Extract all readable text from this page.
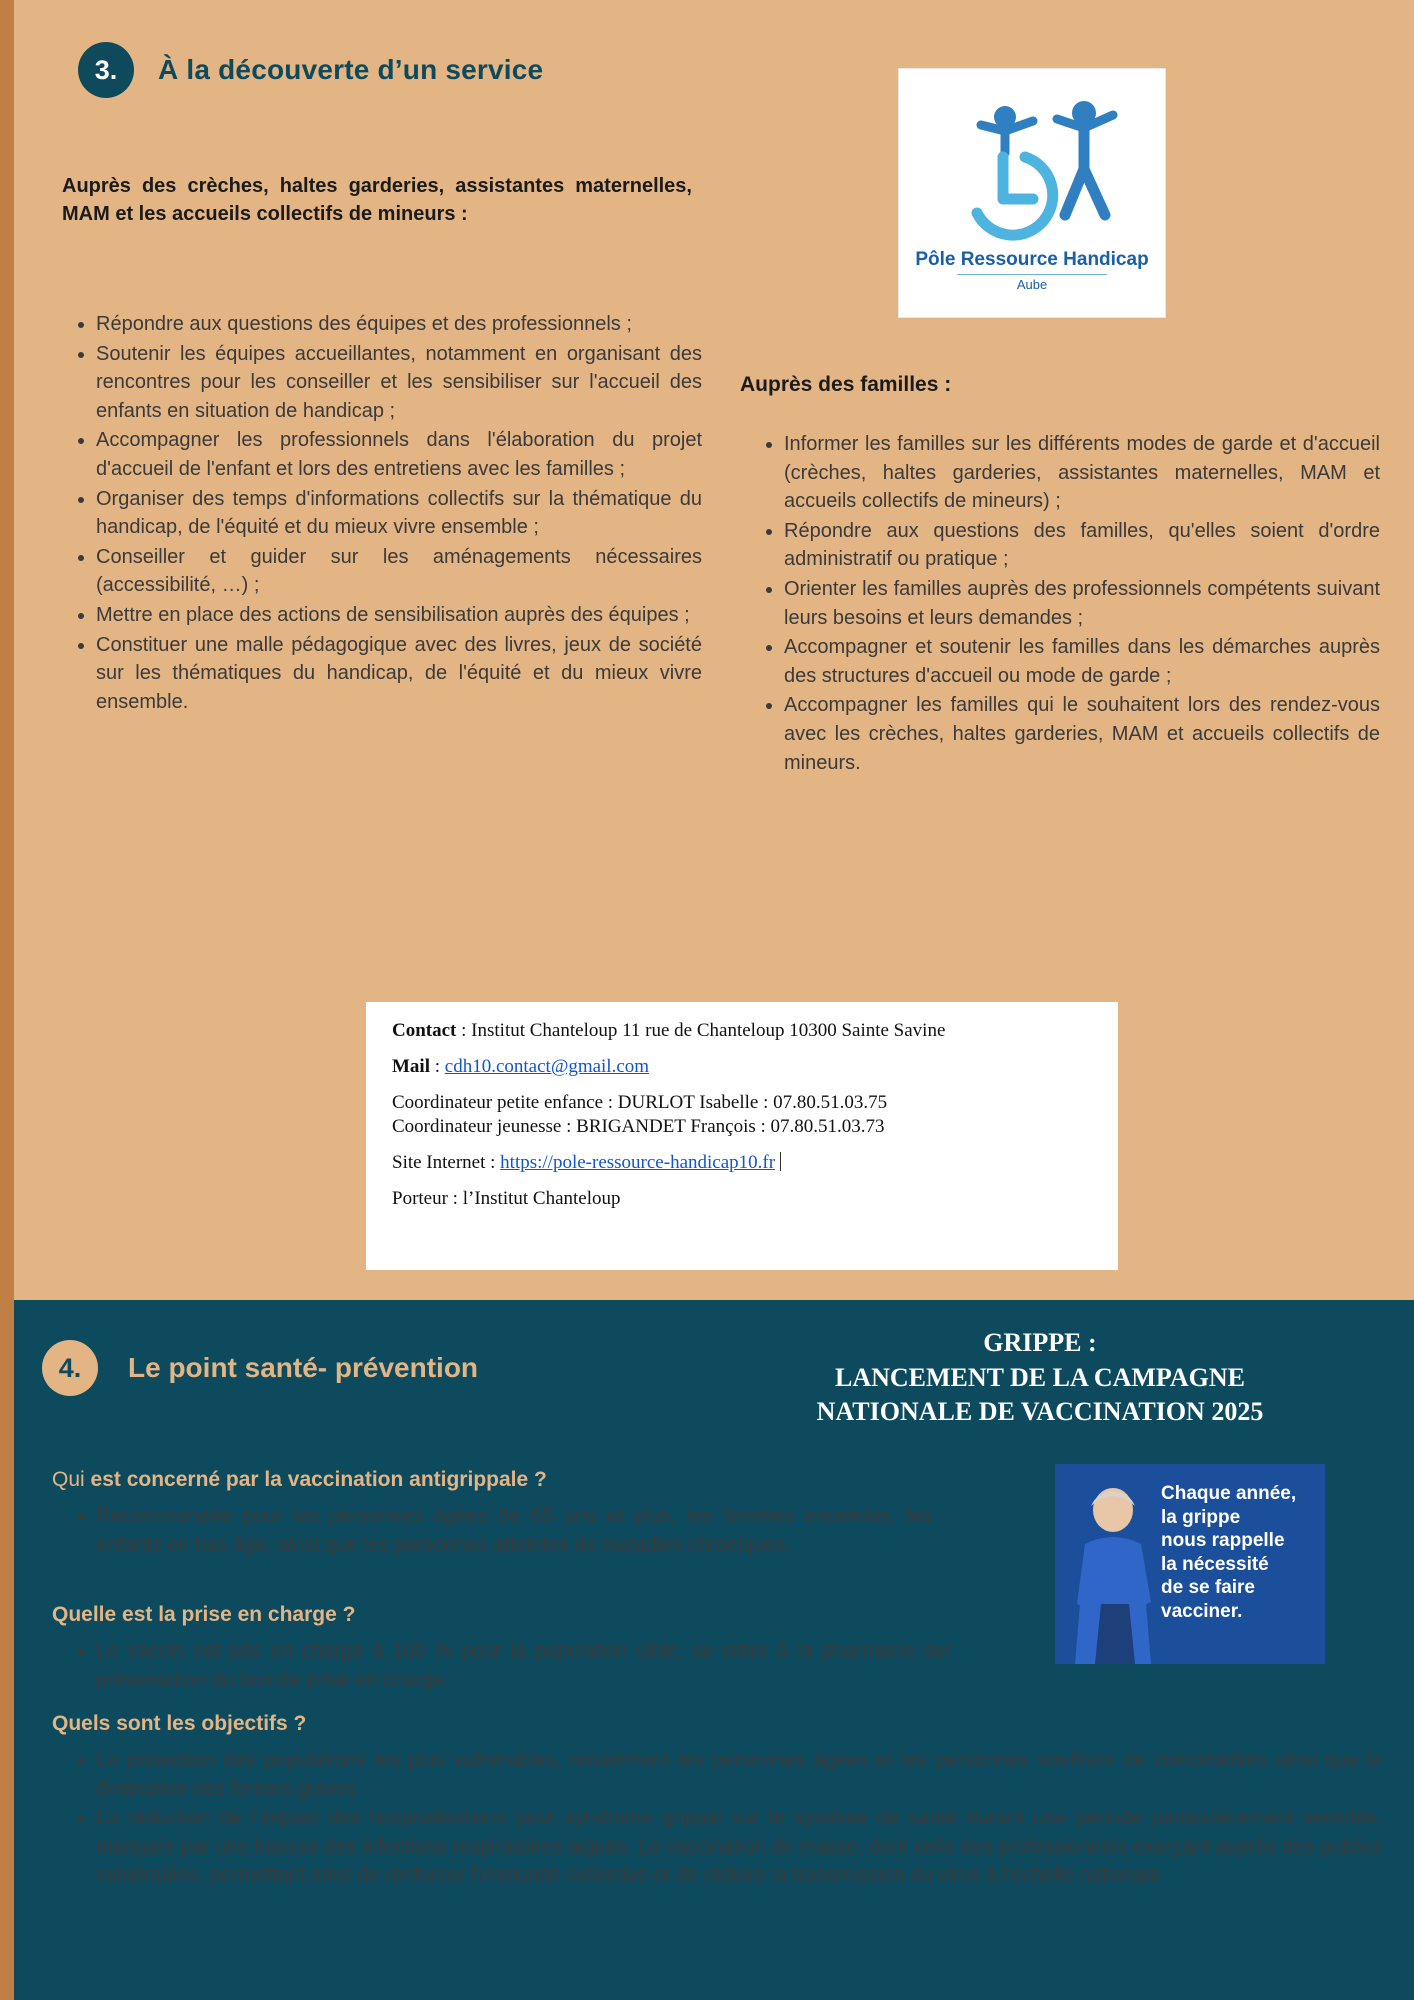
3.	À la découverte d’un service
Auprès des crèches, haltes garderies, assistantes maternelles, MAM et les accueils collectifs de mineurs :
Pôle Ressource Handicap
Aube
• Répondre aux questions des équipes et des professionnels ;
• Soutenir les équipes accueillantes, notamment en organisant des rencontres pour les conseiller et les sensibiliser sur l'accueil des enfants en situation de handicap ;
• Accompagner les professionnels dans l'élaboration du projet d'accueil de l'enfant et lors des entretiens avec les familles ;
• Organiser des temps d'informations collectifs sur la thématique du handicap, de l'équité et du mieux vivre ensemble ;
• Conseiller et guider sur les aménagements nécessaires (accessibilité, …) ;
• Mettre en place des actions de sensibilisation auprès des équipes ;
• Constituer une malle pédagogique avec des livres, jeux de société sur les thématiques du handicap, de l'équité et du mieux vivre ensemble.
Auprès des familles :
• Informer les familles sur les différents modes de garde et d'accueil (crèches, haltes garderies, assistantes maternelles, MAM et accueils collectifs de mineurs) ;
• Répondre aux questions des familles, qu'elles soient d'ordre administratif ou pratique ;
• Orienter les familles auprès des professionnels compétents suivant leurs besoins et leurs demandes ;
• Accompagner et soutenir les familles dans les démarches auprès des structures d'accueil ou mode de garde ;
• Accompagner les familles qui le souhaitent lors des rendez-vous avec les crèches, haltes garderies, MAM et accueils collectifs de mineurs.

Contact : Institut Chanteloup 11 rue de Chanteloup 10300 Sainte Savine

Mail : cdh10.contact@gmail.com

Coordinateur petite enfance : DURLOT Isabelle : 07.80.51.03.75

Coordinateur jeunesse : BRIGANDET François : 07.80.51.03.73

Site Internet : https://pole-ressource-handicap10.fr

Porteur : l’Institut Chanteloup

4.	Le point santé- prévention
GRIPPE :
LANCEMENT DE LA CAMPAGNE
NATIONALE DE VACCINATION 2025
Qui est concerné par la vaccination antigrippale ?
• Recommandée pour les personnes âgées de 65 ans et plus, les femmes enceintes, les enfants en bas âge, ainsi que les personnes atteintes de maladies chroniques.
Quelle est la prise en charge ?
• Le vaccin est pris en charge à 100 % pour la population cible, se retire à la pharmacie sur présentation du bon de prise en charge.
Quels sont les objectifs ?
• La protection des populations les plus vulnérables, notamment les personnes âgées et les personnes souffrant de comorbidités ainsi que la diminution des formes graves
• La réduction de l’impact des hospitalisations pour syndrome grippal sur le système de santé durant une période particulièrement sensible, marquée par une hausse des infections respiratoires aiguës. La vaccination de masse, dont celle des professionnels exerçant auprès des publics vulnérables, permettant ainsi de renforcer l'immunité collective et de réduire la transmission du virus à l'échelle nationale
Chaque année,
la grippe
nous rappelle
la nécessité
de se faire
vacciner.
